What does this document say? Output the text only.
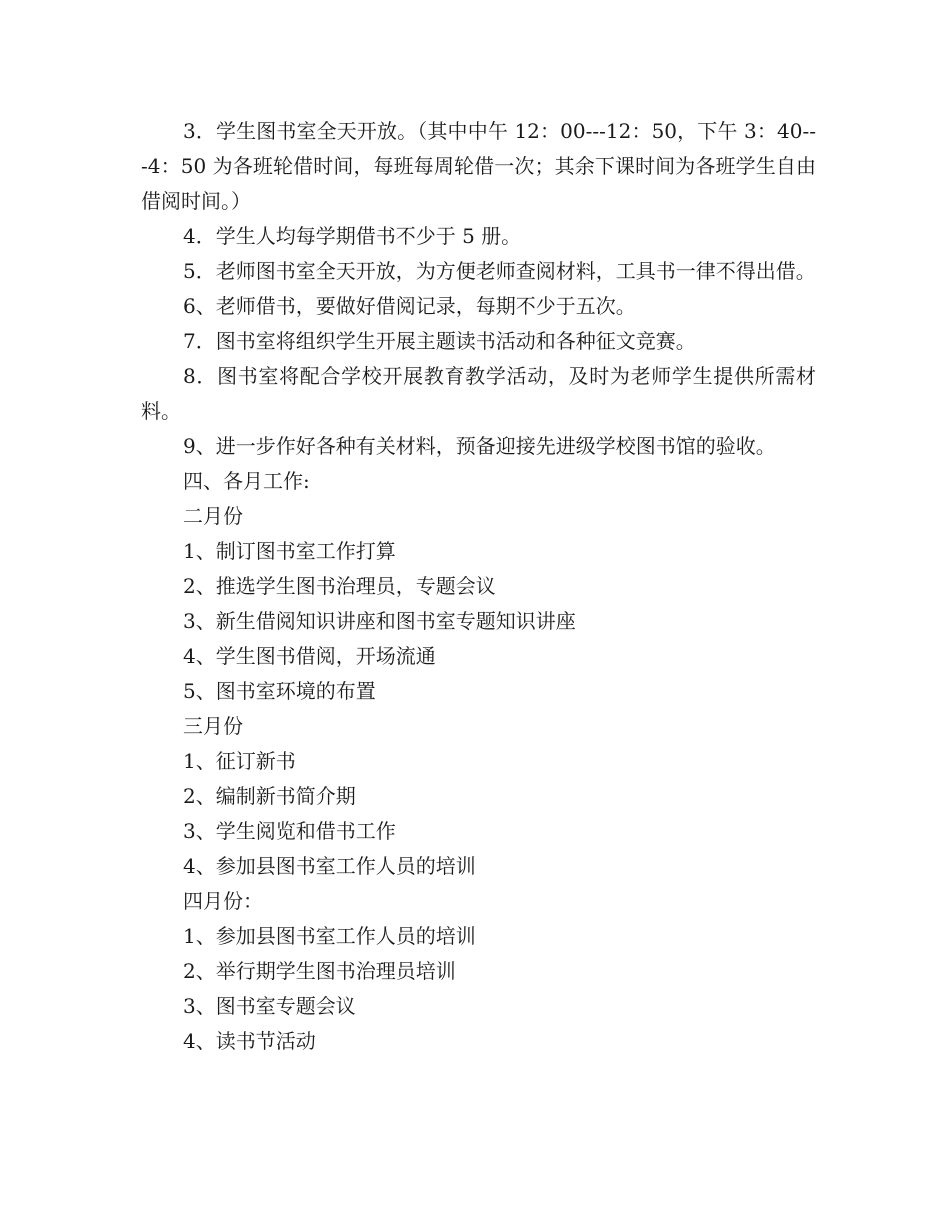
3．学生图书室全天开放。（其中中午 12：00---12：50，下午 3：40---4：50 为各班轮借时间，每班每周轮借一次；其余下课时间为各班学生自由借阅时间。）

4．学生人均每学期借书不少于 5 册。

5．老师图书室全天开放，为方便老师查阅材料，工具书一律不得出借。

6、老师借书，要做好借阅记录，每期不少于五次。

7．图书室将组织学生开展主题读书活动和各种征文竞赛。

8．图书室将配合学校开展教育教学活动，及时为老师学生提供所需材料。

9、进一步作好各种有关材料，预备迎接先进级学校图书馆的验收。

四、各月工作:

二月份

1、制订图书室工作打算

2、推选学生图书治理员，专题会议

3、新生借阅知识讲座和图书室专题知识讲座

4、学生图书借阅，开场流通

5、图书室环境的布置

三月份

1、征订新书

2、编制新书简介期

3、学生阅览和借书工作

4、参加县图书室工作人员的培训

四月份：

1、参加县图书室工作人员的培训

2、举行期学生图书治理员培训

3、图书室专题会议

4、读书节活动
